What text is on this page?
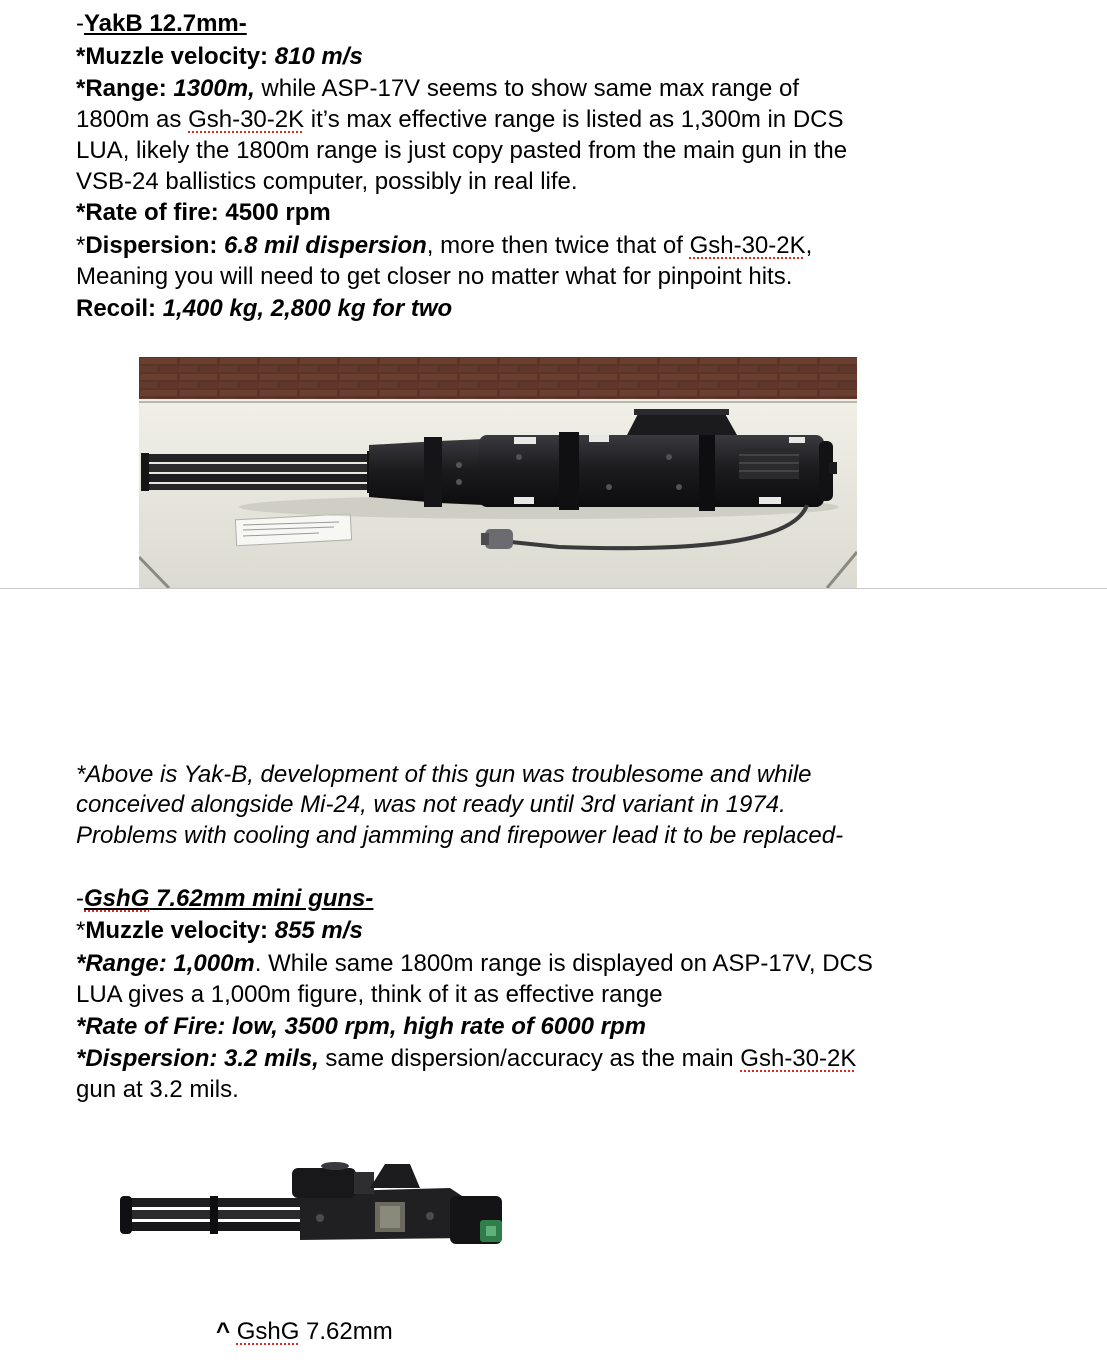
-YakB 12.7mm-
*Muzzle velocity: 810 m/s
*Range: 1300m, while ASP-17V seems to show same max range of
1800m as Gsh-30-2K it’s max effective range is listed as 1,300m in DCS
LUA, likely the 1800m range is just copy pasted from the main gun in the
VSB-24 ballistics computer, possibly in real life.
*Rate of fire: 4500 rpm
*Dispersion: 6.8 mil dispersion, more then twice that of Gsh-30-2K,
Meaning you will need to get closer no matter what for pinpoint hits.
Recoil: 1,400 kg, 2,800 kg for two
*Above is Yak-B, development of this gun was troublesome and while
conceived alongside Mi-24, was not ready until 3rd variant in 1974.
Problems with cooling and jamming and firepower lead it to be replaced-
-GshG 7.62mm mini guns-
*Muzzle velocity: 855 m/s
*Range: 1,000m. While same 1800m range is displayed on ASP-17V, DCS
LUA gives a 1,000m figure, think of it as effective range
*Rate of Fire: low, 3500 rpm, high rate of 6000 rpm
*Dispersion: 3.2 mils, same dispersion/accuracy as the main Gsh-30-2K
gun at 3.2 mils.
^ GshG 7.62mm
